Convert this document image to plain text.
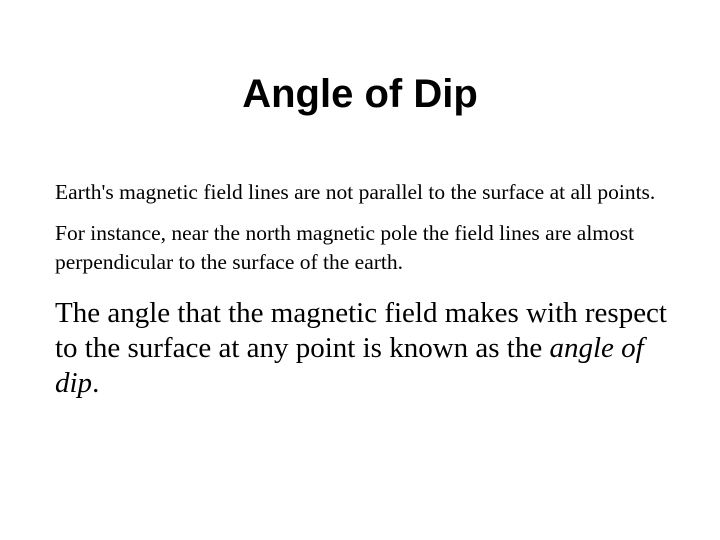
Angle of Dip

Earth's magnetic field lines are not parallel to the surface at all points.

For instance, near the north magnetic pole the field lines are almost perpendicular to the surface of the earth.

The angle that the magnetic field makes with respect to the surface at any point is known as the angle of dip.
